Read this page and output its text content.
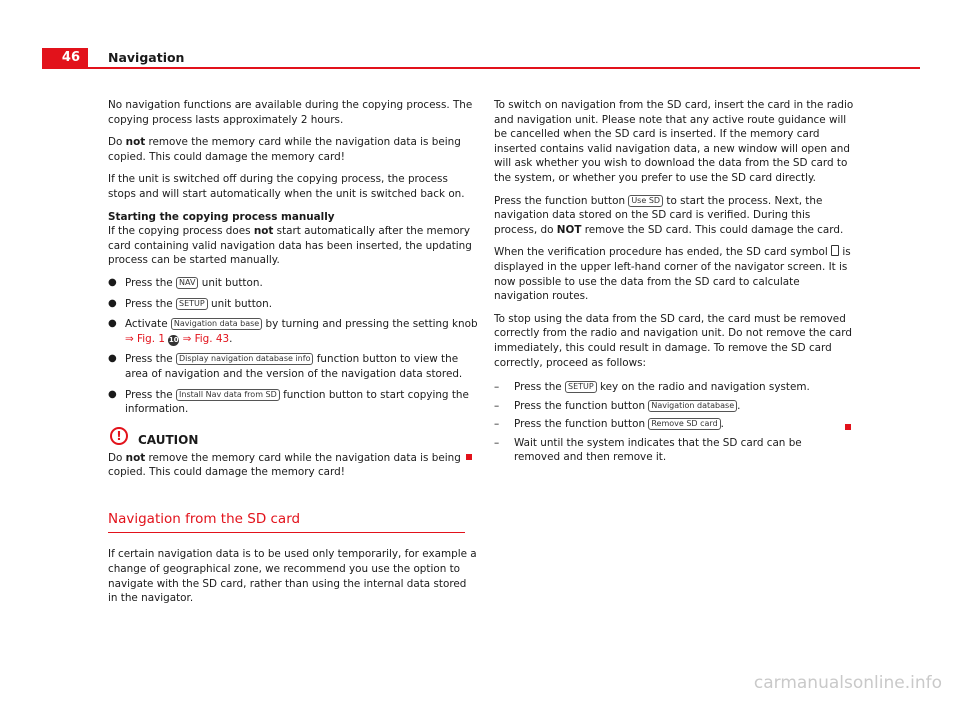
46	Navigation

No navigation functions are available during the copying process. The copying process lasts approximately 2 hours.

Do not remove the memory card while the navigation data is being copied. This could damage the memory card!

If the unit is switched off during the copying process, the process stops and will start automatically when the unit is switched back on.

Starting the copying process manually

If the copying process does not start automatically after the memory card containing valid navigation data has been inserted, the updating process can be started manually.

● Press the NAV unit button.
● Press the SETUP unit button.
● Activate Navigation data base by turning and pressing the setting knob
⇒ Fig. 1 10 ⇒ Fig. 43.
● Press the Display navigation database info function button to view the area of navigation and the version of the navigation data stored.
● Press the Install Nav data from SD function button to start copying the information.
!	CAUTION

Do not remove the memory card while the navigation data is being copied. This could damage the memory card!

Navigation from the SD card

If certain navigation data is to be used only temporarily, for example a change of geographical zone, we recommend you use the option to navigate with the SD card, rather than using the internal data stored in the navigator.

To switch on navigation from the SD card, insert the card in the radio and navigation unit. Please note that any active route guidance will be cancelled when the SD card is inserted. If the memory card inserted contains valid navigation data, a new window will open and will ask whether you wish to download the data from the SD card to the system, or whether you prefer to use the SD card directly.

Press the function button Use SD to start the process. Next, the navigation data stored on the SD card is verified. During this process, do NOT remove the SD card. This could damage the card.

When the verification procedure has ended, the SD card symbol  is displayed in the upper left-hand corner of the navigator screen. It is now possible to use the data from the SD card to calculate navigation routes.

To stop using the data from the SD card, the card must be removed correctly from the radio and navigation unit. Do not remove the card immediately, this could result in damage. To remove the SD card correctly, proceed as follows:

– Press the SETUP key on the radio and navigation system.
– Press the function button Navigation database .
– Press the function button Remove SD card .
– Wait until the system indicates that the SD card can be removed and then remove it.
carmanualsonline.info
